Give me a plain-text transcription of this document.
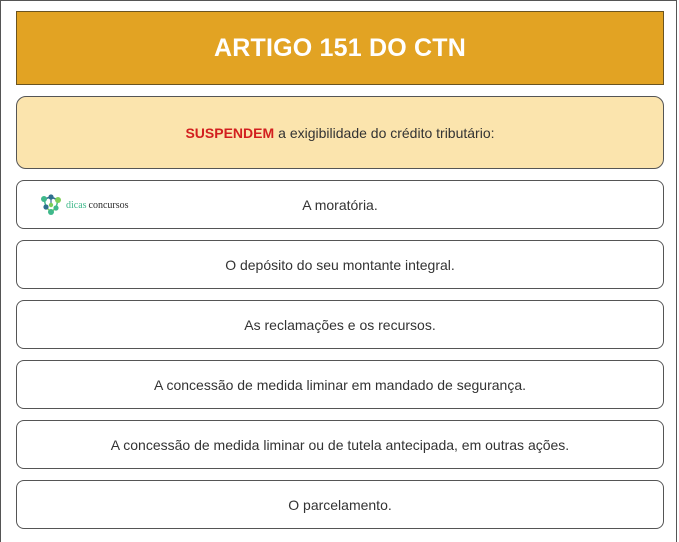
ARTIGO 151 DO CTN
SUSPENDEM a exigibilidade do crédito tributário:
dicas concursos	A moratória.
O depósito do seu montante integral.
As reclamações e os recursos.
A concessão de medida liminar em mandado de segurança.
A concessão de medida liminar ou de tutela antecipada, em outras ações.
O parcelamento.
